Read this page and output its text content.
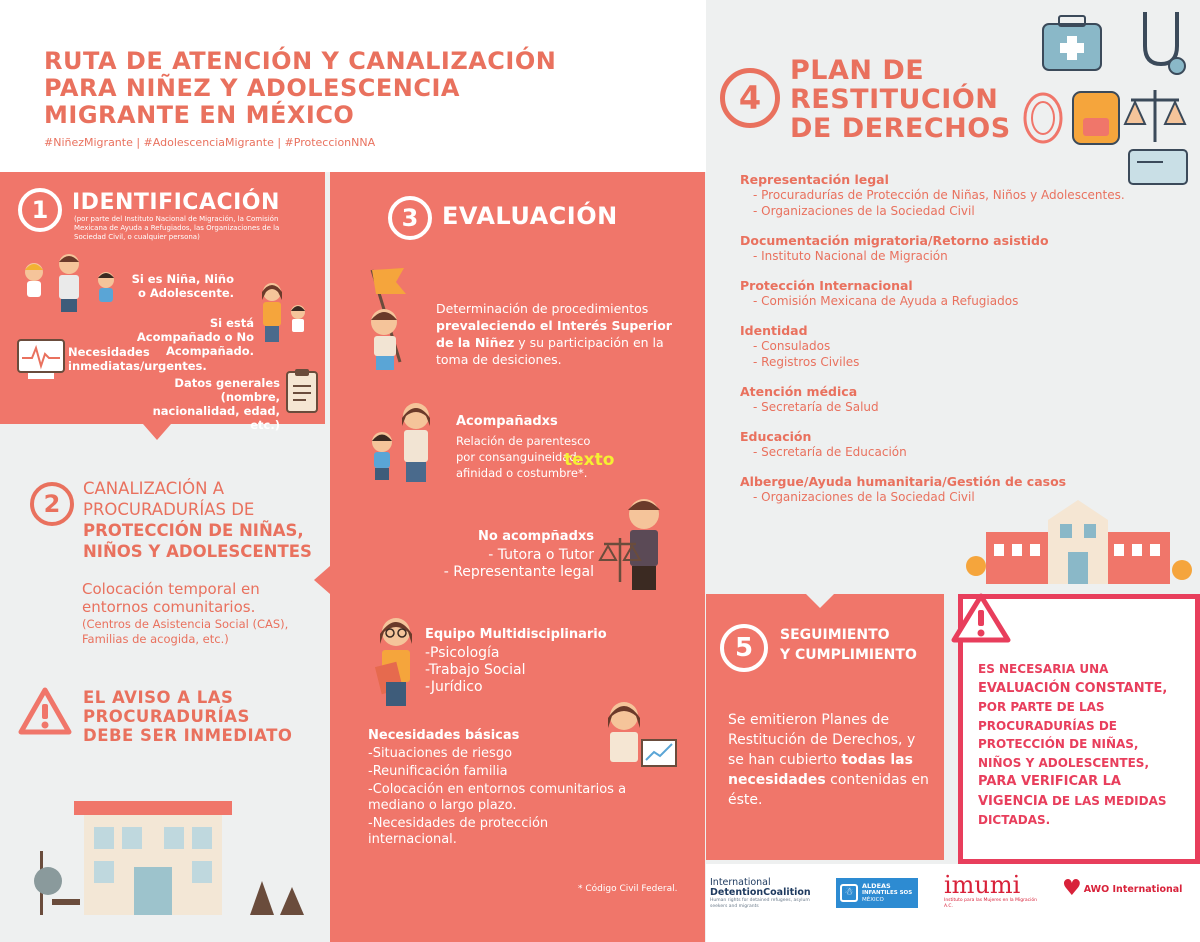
RUTA DE ATENCIÓN Y CANALIZACIÓN
PARA NIÑEZ Y ADOLESCENCIA
MIGRANTE EN MÉXICO
#NiñezMigrante | #AdolescenciaMigrante | #ProteccionNNA
1	IDENTIFICACIÓN
(por parte del Instituto Nacional de Migración, la Comisión Mexicana de Ayuda a Refugiados, las Organizaciones de la Sociedad Civil, o cualquier persona)
Si es Niña, Niño o Adolescente.
Si está Acompañado o No Acompañado.
Necesidades inmediatas/urgentes.
Datos generales (nombre, nacionalidad, edad, etc.)
2
CANALIZACIÓN A PROCURADURÍAS DE
PROTECCIÓN DE NIÑAS, NIÑOS Y ADOLESCENTES
Colocación temporal en entornos comunitarios.
(Centros de Asistencia Social (CAS), Familias de acogida, etc.)
EL AVISO A LAS PROCURADURÍAS DEBE SER INMEDIATO
3 EVALUACIÓN
Determinación de procedimientos prevaleciendo el Interés Superior de la Niñez y su participación en la toma de desiciones.
Acompañadxs
Relación de parentesco por consanguineidad, afinidad o costumbre*.
texto
No acompñadxs
- Tutora o Tutor
- Representante legal
Equipo Multidisciplinario
-Psicología
-Trabajo Social
-Jurídico
Necesidades básicas
-Situaciones de riesgo
-Reunificación familia
-Colocación en entornos comunitarios a mediano o largo plazo.
-Necesidades de protección internacional.
* Código Civil Federal.
4
PLAN DE
RESTITUCIÓN
DE DERECHOS
Representación legal
- Procuradurías de Protección de Niñas, Niños y Adolescentes.
- Organizaciones de la Sociedad Civil
Documentación migratoria/Retorno asistido
- Instituto Nacional de Migración
Protección Internacional
- Comisión Mexicana de Ayuda a Refugiados
Identidad
- Consulados
- Registros Civiles
Atención médica
- Secretaría de Salud
Educación
- Secretaría de Educación
Albergue/Ayuda humanitaria/Gestión de casos
- Organizaciones de la Sociedad Civil
5	SEGUIMIENTO
Y CUMPLIMIENTO
Se emitieron Planes de Restitución de Derechos, y se han cubierto todas las necesidades contenidas en éste.
ES NECESARIA UNA EVALUACIÓN CONSTANTE, POR PARTE DE LAS PROCURADURÍAS DE PROTECCIÓN DE NIÑAS, NIÑOS Y ADOLESCENTES, PARA VERIFICAR LA VIGENCIA DE LAS MEDIDAS DICTADAS.
International
DetentionCoalition
Human rights for detained refugees, asylum seekers and migrants
☃
ALDEAS
INFANTILES SOS
MÉXICO
imumi
Instituto para las Mujeres en la Migración A.C.
♥ AWO International
